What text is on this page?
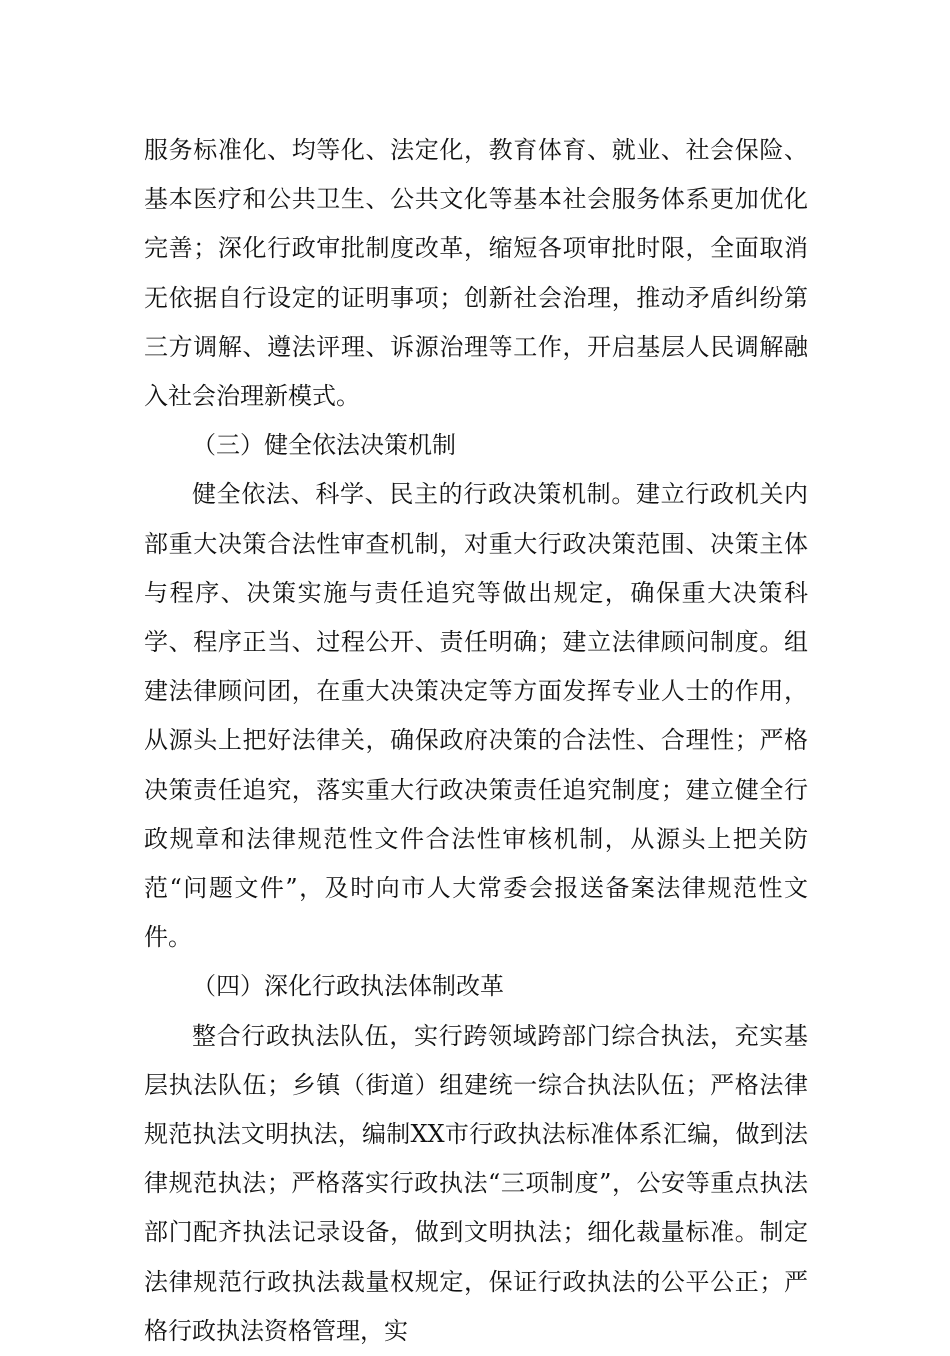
服务标准化、均等化、法定化，教育体育、就业、社会保险、基本医疗和公共卫生、公共文化等基本社会服务体系更加优化完善；深化行政审批制度改革，缩短各项审批时限，全面取消无依据自行设定的证明事项；创新社会治理，推动矛盾纠纷第三方调解、遵法评理、诉源治理等工作，开启基层人民调解融入社会治理新模式。

（三）健全依法决策机制

健全依法、科学、民主的行政决策机制。建立行政机关内部重大决策合法性审查机制，对重大行政决策范围、决策主体与程序、决策实施与责任追究等做出规定，确保重大决策科学、程序正当、过程公开、责任明确；建立法律顾问制度。组建法律顾问团，在重大决策决定等方面发挥专业人士的作用，从源头上把好法律关，确保政府决策的合法性、合理性；严格决策责任追究，落实重大行政决策责任追究制度；建立健全行政规章和法律规范性文件合法性审核机制，从源头上把关防范“问题文件”，及时向市人大常委会报送备案法律规范性文件。

（四）深化行政执法体制改革

整合行政执法队伍，实行跨领域跨部门综合执法，充实基层执法队伍；乡镇（街道）组建统一综合执法队伍；严格法律规范执法文明执法，编制XX市行政执法标准体系汇编，做到法律规范执法；严格落实行政执法“三项制度”，公安等重点执法部门配齐执法记录设备，做到文明执法；细化裁量标准。制定法律规范行政执法裁量权规定，保证行政执法的公平公正；严格行政执法资格管理，实
